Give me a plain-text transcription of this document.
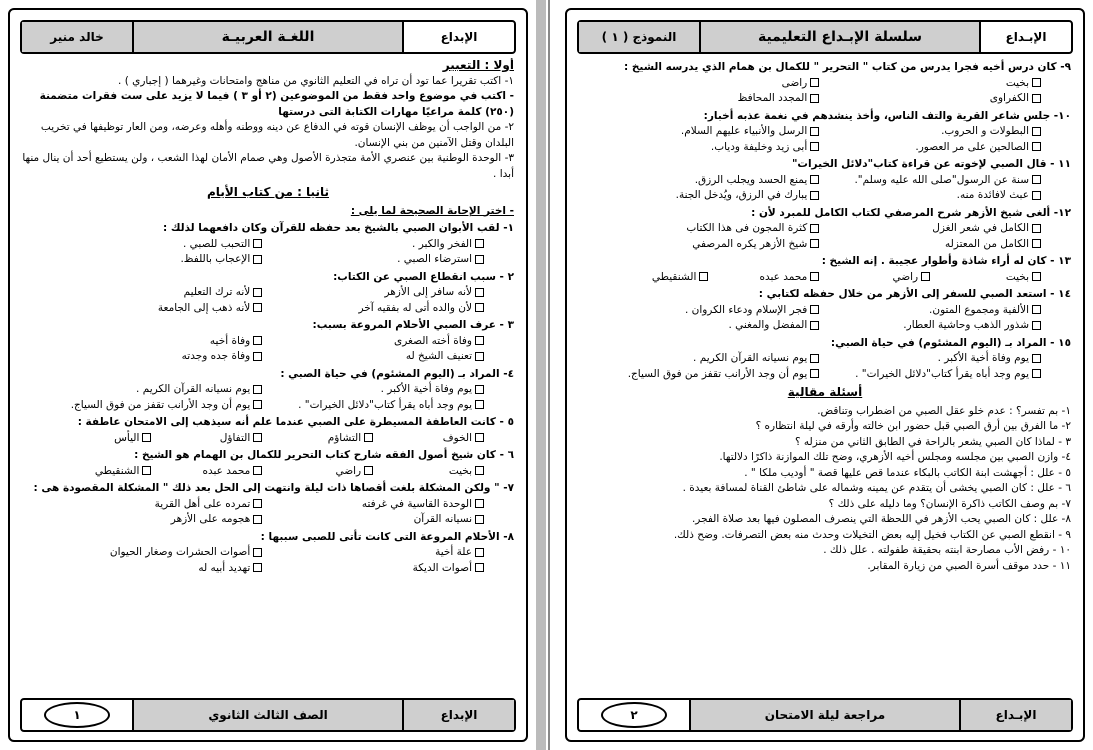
الإبداع
اللغـة العربيـة
خالد منير
أولا : التعبير
١- اكتب تقريرا عما تود أن تراه في التعليم الثانوي من مناهج وامتحانات وغيرهما ( إجباري ) .
- اكتب في موضوع واحد فقط من الموضوعين (٢ أو ٣ ) فيما لا يزيد على ست فقرات متضمنة (٢٥٠) كلمة مراعيًا مهارات الكتابة التى درستها
٢- من الواجب أن يوظف الإنسان قوته في الدفاع عن دينه ووطنه وأهله وعرضه، ومن العار توظيفها في تخريب البلدان وقتل الآمنين من بني الإنسان.
٣- الوحدة الوطنية بين عنصري الأمة متجذرة الأصول وهي صمام الأمان لهذا الشعب ، ولن يستطيع أحد أن ينال منها أبدا .
ثانيا : من كتاب الأيام
- اختر الإجابة الصحيحة لما يلى :
١- لقب الأبوان الصبي بالشيخ بعد حفظه للقرآن وكان دافعهما لذلك :
الفخر والكبر .
التحبب للصبي .
استرضاء الصبي .
الإعجاب باللفظ.
٢ - سبب انقطاع الصبي عن الكتاب:
لأنه سافر إلى الأزهر
لأنه ترك التعليم
لأن والده أتى له بفقيه آخر
لأنه ذهب إلى الجامعة
٣ - عرف الصبي الأحلام المروعة بسبب:
وفاة أخته الصغرى
وفاة أخيه
تعنيف الشيخ له
وفاة جده وجدته
٤- المراد بـ (اليوم المشئوم) في حياة الصبي :
يوم وفاة أخية الأكبر .
يوم نسيانه القرآن الكريم .
يوم وجد أباه يقرأ كتاب"دلائل الخيرات" .
يوم أن وجد الأرانب تقفز من فوق السياج.
٥ - كانت العاطفة المسيطرة على الصبي عندما علم أنه سيذهب إلى الامتحان عاطفة :
الخوف
التشاؤم
التفاؤل
اليأس
٦ - كان شيخ أصول الفقه شارح كتاب التحرير للكمال بن الهمام هو الشيخ :
بخيت
راضي
محمد عبده
الشنقيطي
٧- " ولكن المشكلة بلغت أقصاها ذات ليلة وانتهت إلى الحل بعد ذلك " المشكلة المقصودة هى :
الوحدة القاسية في غرفته
تمرده على أهل القرية
نسيانه القرآن
هجومه على الأزهر
٨- الأحلام المروعة التى كانت تأتى للصبى سببها :
علة أخية
أصوات الحشرات وصغار الحيوان
أصوات الديكة
تهديد أبيه له
الإبداع
الصف الثالث الثانوي
١
الإبـداع
سلسلة الإبـداع التعليمية
النموذج ( ١ )
٩- كان درس أخيه فجرا يدرس من كتاب " التحرير " للكمال بن همام الذي يدرسه الشيخ :
بخيت
راضى
الكفراوى
المجدد المحافظ
١٠- جلس شاعر القرية والتف الناس، وأخذ ينشدهم في نغمة عذبه أخبار:
البطولات و الحروب.
الرسل والأنبياء عليهم السلام.
الصالحين على مر العصور.
أبى زيد وخليفة ودياب.
١١ - قال الصبي لإخوته عن قراءة كتاب"دلائل الخيرات"
سنة عن الرسول"صلى الله عليه وسلم".
يمنع الحسد ويجلب الرزق.
عبث لافائدة منه.
يبارك في الرزق، ويُدخل الجنة.
١٢- ألغى شيخ الأزهر شرح المرصفي لكتاب الكامل للمبرد لأن :
الكامل في شعر الغزل
كثرة المجون فى هذا الكتاب
الكامل من المعتزله
شيخ الأزهر يكره المرصفي
١٣ - كان له أراء شاذة وأطوار عجيبة . إنه الشيخ :
بخيت
راضي
محمد عبده
الشنقيطي
١٤ - استعد الصبي للسفر إلى الأزهر من خلال حفظه لكتابي :
الألفية ومجموع المتون.
فجر الإسلام ودعاء الكروان .
شذور الذهب وحاشية العطار.
المفضل والمغني .
١٥ - المراد بـ (اليوم المشئوم) في حياة الصبي:
يوم وفاة أخية الأكبر .
يوم نسيانه القرآن الكريم .
يوم وجد أباه يقرأ كتاب"دلائل الخيرات" .
يوم أن وجد الأرانب تقفز من فوق السياج.
أسئلة مقالية
١- بم تفسر؟ : عدم خلو عقل الصبي من اضطراب وتناقض.
٢- ما الفرق بين أرق الصبي قبل حضور ابن خالته وأرقه في ليلة انتظاره ؟
٣ - لماذا كان الصبي يشعر بالراحة في الطابق الثاني من منزله ؟
٤- وازن الصبي بين مجلسه ومجلس أخيه الأزهري، وضح تلك الموازنة ذاكرًا دلالتها.
٥ - علل : أجهشت ابنة الكاتب بالبكاء عندما قص عليها قصة " أوديب ملكا " .
٦ - علل : كان الصبي يخشى أن يتقدم عن يمينه وشماله على شاطئ القناة لمسافة بعيدة .
٧- بم وصف الكاتب ذاكرة الإنسان؟ وما دليله على ذلك ؟
٨- علل : كان الصبي يحب الأزهر في اللحظة التي ينصرف المصلون فيها بعد صلاة الفجر.
٩ - انقطع الصبي عن الكتاب فخيل إليه بعض التخيلات وحدث منه بعض التصرفات. وضح ذلك.
١٠ - رفض الأب مصارحة ابنته بحقيقة طفولته . علل ذلك .
١١ - حدد موقف أسرة الصبي من زيارة المقابر.
الإبـداع
مراجعة ليلة الامتحان
٢
